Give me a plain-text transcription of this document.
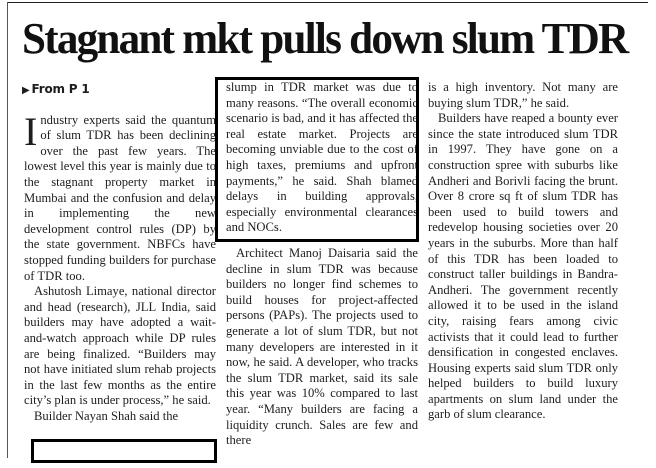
Stagnant mkt pulls down slum TDR
▶ From P 1

Industry experts said the quantum of slum TDR has been declining over the past few years. The lowest level this year is mainly due to the stagnant property market in Mumbai and the confusion and delay in implementing the new development control rules (DP) by the state government. NBFCs have stopped funding builders for purchase of TDR too.

Ashutosh Limaye, national director and head (research), JLL India, said builders may have adopted a wait-and-watch approach while DP rules are being finalized. “Builders may not have initiated slum rehab projects in the last few months as the entire city’s plan is under process,” he said.

Builder Nayan Shah said the

slump in TDR market was due to many reasons. “The overall economic scenario is bad, and it has affected the real estate market. Projects are becoming unviable due to the cost of high taxes, premiums and upfront payments,” he said. Shah blamed delays in building approvals, especially environmental clearances and NOCs.

Architect Manoj Daisaria said the decline in slum TDR was because builders no longer find schemes to build houses for project-affected persons (PAPs). The projects used to generate a lot of slum TDR, but not many developers are interested in it now, he said. A developer, who tracks the slum TDR market, said its sale this year was 10% compared to last year. “Many builders are facing a liquidity crunch. Sales are few and there

is a high inventory. Not many are buying slum TDR,” he said.

Builders have reaped a bounty ever since the state introduced slum TDR in 1997. They have gone on a construction spree with suburbs like Andheri and Borivli facing the brunt. Over 8 crore sq ft of slum TDR has been used to build towers and redevelop housing societies over 20 years in the suburbs. More than half of this TDR has been loaded to construct taller buildings in Bandra-Andheri. The government recently allowed it to be used in the island city, raising fears among civic activists that it could lead to further densification in congested enclaves. Housing experts said slum TDR only helped builders to build luxury apartments on slum land under the garb of slum clearance.
